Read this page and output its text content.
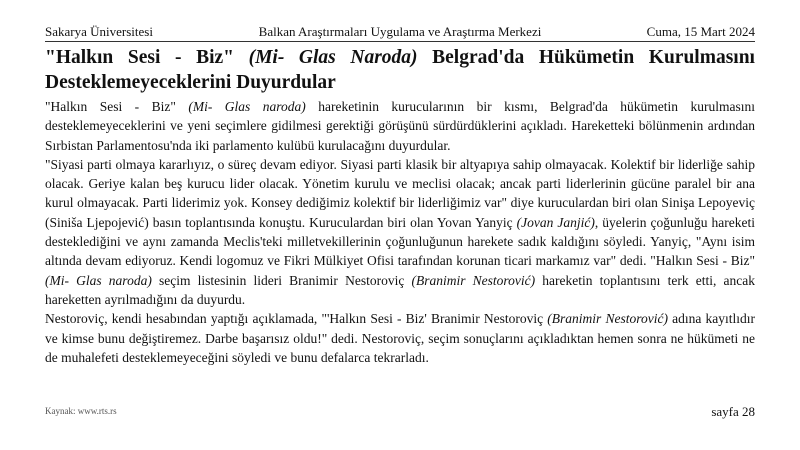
Sakarya Üniversitesi	Balkan Araştırmaları Uygulama ve Araştırma Merkezi	Cuma, 15 Mart 2024
"Halkın Sesi - Biz" (Mi- Glas Naroda) Belgrad'da Hükümetin Kurulmasını Desteklemeyeceklerini Duyurdular

"Halkın Sesi - Biz" (Mi- Glas naroda) hareketinin kurucularının bir kısmı, Belgrad'da hükümetin kurulmasını desteklemeyeceklerini ve yeni seçimlere gidilmesi gerektiği görüşünü sürdürdüklerini açıkladı. Hareketteki bölünmenin ardından Sırbistan Parlamentosu'nda iki parlamento kulübü kurulacağını duyurdular.

"Siyasi parti olmaya kararlıyız, o süreç devam ediyor. Siyasi parti klasik bir altyapıya sahip olmayacak. Kolektif bir liderliğe sahip olacak. Geriye kalan beş kurucu lider olacak. Yönetim kurulu ve meclisi olacak; ancak parti liderlerinin gücüne paralel bir ana kurul olmayacak. Parti liderimiz yok. Konsey dediğimiz kolektif bir liderliğimiz var" diye kuruculardan biri olan Sinişa Lepoyeviç (Siniša Ljepojević) basın toplantısında konuştu. Kuruculardan biri olan Yovan Yanyiç (Jovan Janjić), üyelerin çoğunluğu hareketi desteklediğini ve aynı zamanda Meclis'teki milletvekillerinin çoğunluğunun harekete sadık kaldığını söyledi. Yanyiç, "Aynı isim altında devam ediyoruz. Kendi logomuz ve Fikri Mülkiyet Ofisi tarafından korunan ticari markamız var" dedi. "Halkın Sesi - Biz" (Mi- Glas naroda) seçim listesinin lideri Branimir Nestoroviç (Branimir Nestorović) hareketin toplantısını terk etti, ancak hareketten ayrılmadığını da duyurdu.

Nestoroviç, kendi hesabından yaptığı açıklamada, "'Halkın Sesi - Biz' Branimir Nestoroviç (Branimir Nestorović) adına kayıtlıdır ve kimse bunu değiştiremez. Darbe başarısız oldu!" dedi. Nestoroviç, seçim sonuçlarını açıkladıktan hemen sonra ne hükümeti ne de muhalefeti desteklemeyeceğini söyledi ve bunu defalarca tekrarladı.

Kaynak: www.rts.rs	sayfa 28
